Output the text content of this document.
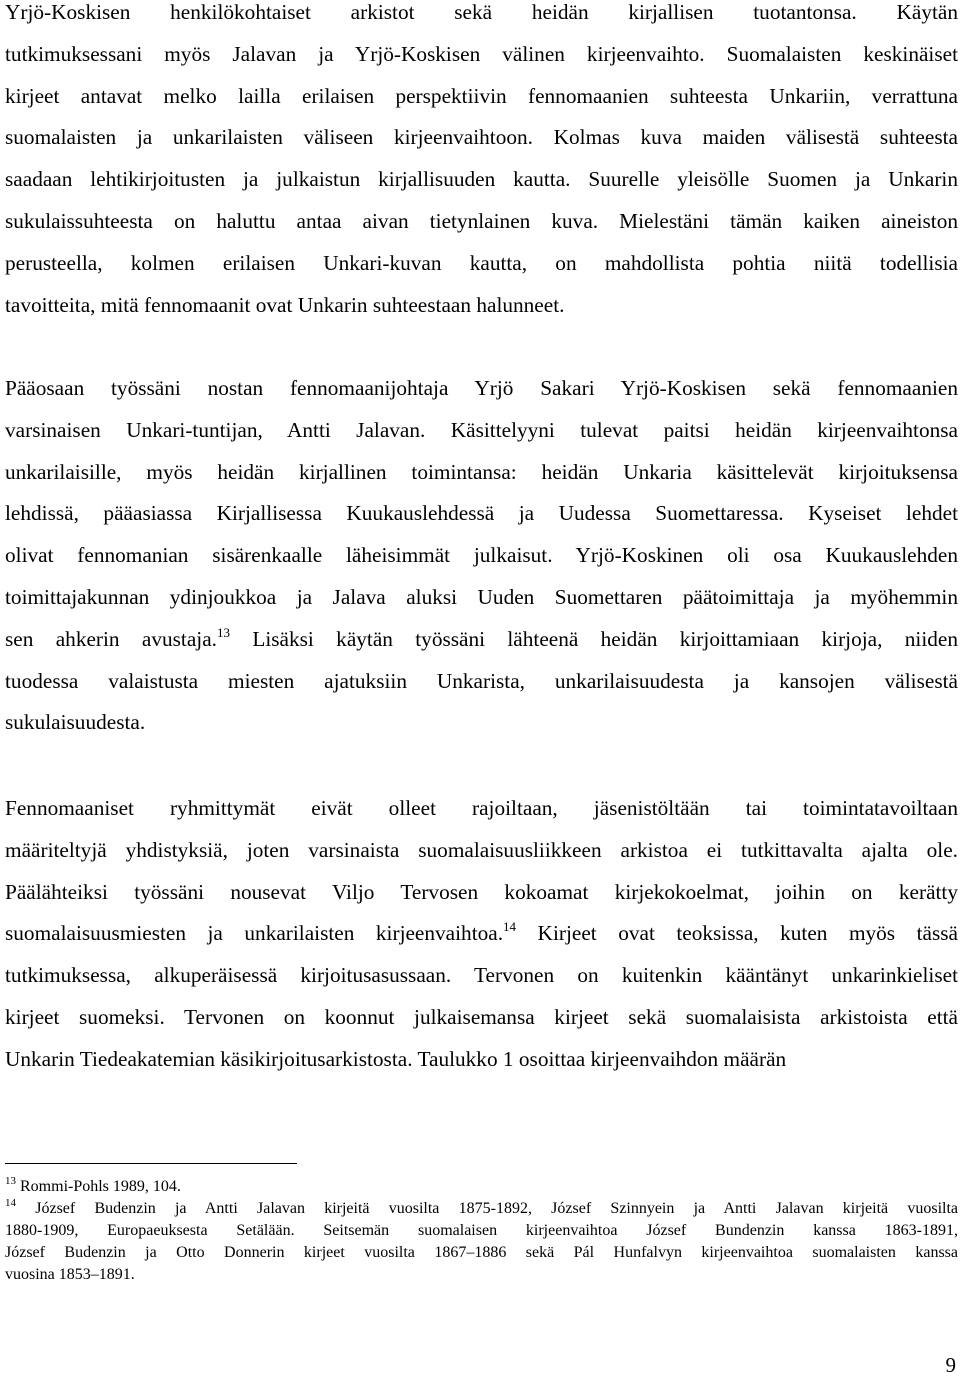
Yrjö-Koskisen henkilökohtaiset arkistot sekä heidän kirjallisen tuotantonsa. Käytän
tutkimuksessani myös Jalavan ja Yrjö-Koskisen välinen kirjeenvaihto. Suomalaisten keskinäiset
kirjeet antavat melko lailla erilaisen perspektiivin fennomaanien suhteesta Unkariin, verrattuna
suomalaisten ja unkarilaisten väliseen kirjeenvaihtoon. Kolmas kuva maiden välisestä suhteesta
saadaan lehtikirjoitusten ja julkaistun kirjallisuuden kautta. Suurelle yleisölle Suomen ja Unkarin
sukulaissuhteesta on haluttu antaa aivan tietynlainen kuva. Mielestäni tämän kaiken aineiston
perusteella, kolmen erilaisen Unkari-kuvan kautta, on mahdollista pohtia niitä todellisia
tavoitteita, mitä fennomaanit ovat Unkarin suhteestaan halunneet.
Pääosaan työssäni nostan fennomaanijohtaja Yrjö Sakari Yrjö-Koskisen sekä fennomaanien
varsinaisen Unkari-tuntijan, Antti Jalavan. Käsittelyyni tulevat paitsi heidän kirjeenvaihtonsa
unkarilaisille, myös heidän kirjallinen toimintansa: heidän Unkaria käsittelevät kirjoituksensa
lehdissä, pääasiassa Kirjallisessa Kuukauslehdessä ja Uudessa Suomettaressa. Kyseiset lehdet
olivat fennomanian sisärenkaalle läheisimmät julkaisut. Yrjö-Koskinen oli osa Kuukauslehden
toimittajakunnan ydinjoukkoa ja Jalava aluksi Uuden Suomettaren päätoimittaja ja myöhemmin
sen ahkerin avustaja.$^{13}$ Lisäksi käytän työssäni lähteenä heidän kirjoittamiaan kirjoja, niiden
tuodessa valaistusta miesten ajatuksiin Unkarista, unkarilaisuudesta ja kansojen välisestä
sukulaisuudesta.
Fennomaaniset ryhmittymät eivät olleet rajoiltaan, jäsenistöltään tai toimintatavoiltaan
määriteltyjä yhdistyksiä, joten varsinaista suomalaisuusliikkeen arkistoa ei tutkittavalta ajalta ole.
Päälähteiksi työssäni nousevat Viljo Tervosen kokoamat kirjekokoelmat, joihin on kerätty
suomalaisuusmiesten ja unkarilaisten kirjeenvaihtoa.$^{14}$ Kirjeet ovat teoksissa, kuten myös tässä
tutkimuksessa, alkuperäisessä kirjoitusasussaan. Tervonen on kuitenkin kääntänyt unkarinkieliset
kirjeet suomeksi. Tervonen on koonnut julkaisemansa kirjeet sekä suomalaisista arkistoista että
Unkarin Tiedeakatemian käsikirjoitusarkistosta. Taulukko 1 osoittaa kirjeenvaihdon määrän
$^{13}$ Rommi-Pohls 1989, 104.
$^{14}$ József Budenzin ja Antti Jalavan kirjeitä vuosilta 1875-1892, József Szinnyein ja Antti Jalavan kirjeitä vuosilta
1880-1909, Europaeuksesta Setälään. Seitsemän suomalaisen kirjeenvaihtoa József Bundenzin kanssa 1863-1891,
József Budenzin ja Otto Donnerin kirjeet vuosilta 1867–1886 sekä Pál Hunfalvyn kirjeenvaihtoa suomalaisten kanssa
vuosina 1853–1891.
9
